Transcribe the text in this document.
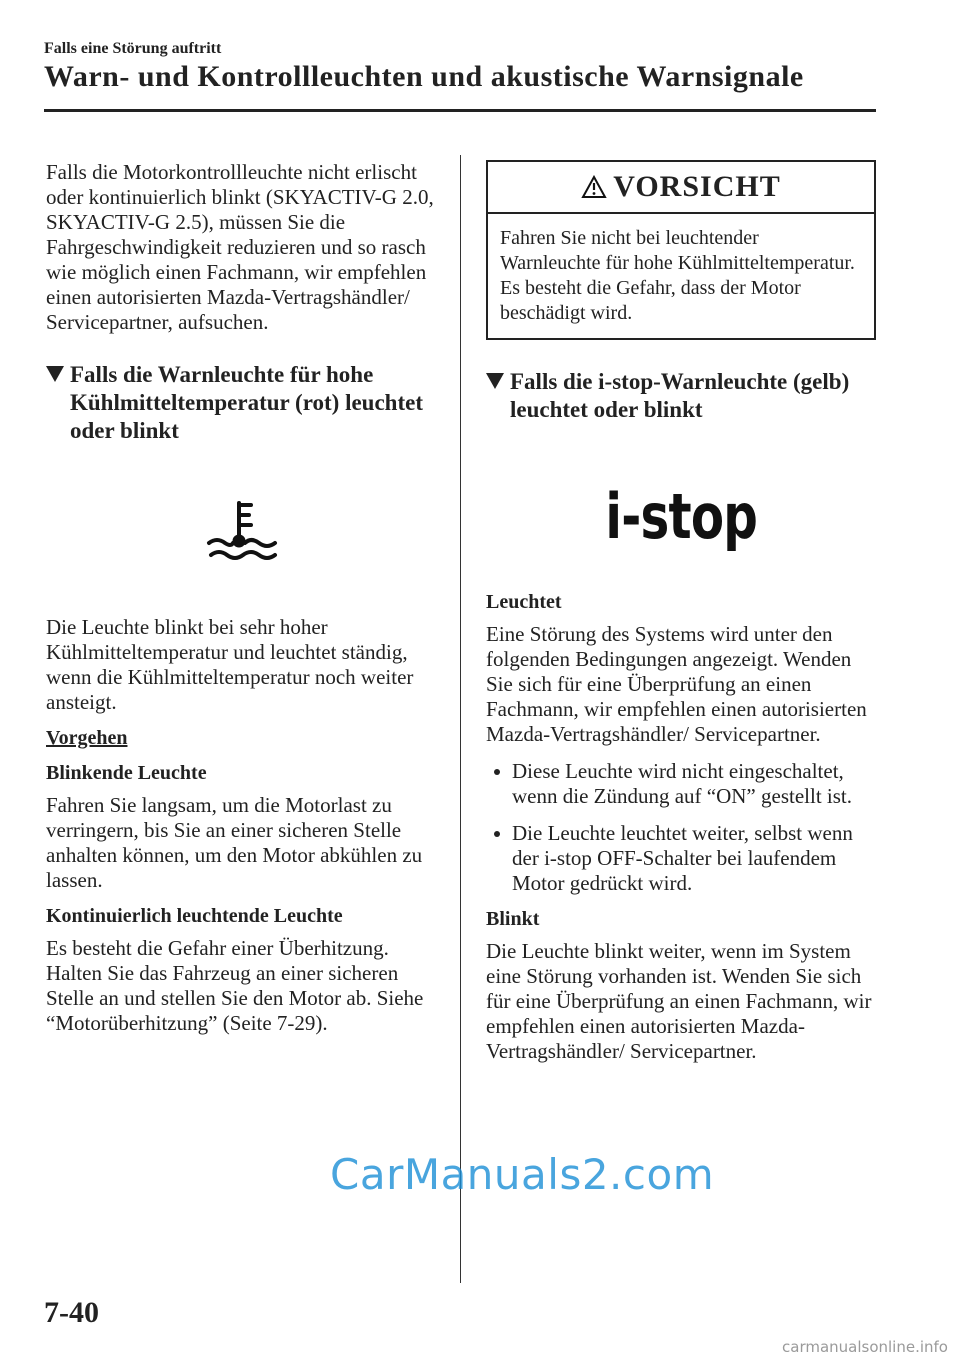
Falls eine Störung auftritt
Warn- und Kontrollleuchten und akustische Warnsignale

Falls die Motorkontrollleuchte nicht erlischt oder kontinuierlich blinkt (SKYACTIV-G 2.0, SKYACTIV-G 2.5), müssen Sie die Fahrgeschwindigkeit reduzieren und so rasch wie möglich einen Fachmann, wir empfehlen einen autorisierten Mazda-Vertragshändler/ Servicepartner, aufsuchen.

Falls die Warnleuchte für hohe Kühlmitteltemperatur (rot) leuchtet oder blinkt

Die Leuchte blinkt bei sehr hoher Kühlmitteltemperatur und leuchtet ständig, wenn die Kühlmitteltemperatur noch weiter ansteigt.

Vorgehen
Blinkende Leuchte

Fahren Sie langsam, um die Motorlast zu verringern, bis Sie an einer sicheren Stelle anhalten können, um den Motor abkühlen zu lassen.

Kontinuierlich leuchtende Leuchte

Es besteht die Gefahr einer Überhitzung. Halten Sie das Fahrzeug an einer sicheren Stelle an und stellen Sie den Motor ab. Siehe “Motorüberhitzung” (Seite 7-29).

VORSICHT

Fahren Sie nicht bei leuchtender Warnleuchte für hohe Kühlmitteltemperatur. Es besteht die Gefahr, dass der Motor beschädigt wird.

Falls die i-stop-Warnleuchte (gelb) leuchtet oder blinkt
i-stop
Leuchtet

Eine Störung des Systems wird unter den folgenden Bedingungen angezeigt. Wenden Sie sich für eine Überprüfung an einen Fachmann, wir empfehlen einen autorisierten Mazda-Vertragshändler/ Servicepartner.

Diese Leuchte wird nicht eingeschaltet, wenn die Zündung auf “ON” gestellt ist.
Die Leuchte leuchtet weiter, selbst wenn der i-stop OFF-Schalter bei laufendem Motor gedrückt wird.
Blinkt

Die Leuchte blinkt weiter, wenn im System eine Störung vorhanden ist. Wenden Sie sich für eine Überprüfung an einen Fachmann, wir empfehlen einen autorisierten Mazda-Vertragshändler/ Servicepartner.

CarManuals2.com
7-40
carmanualsonline.info
